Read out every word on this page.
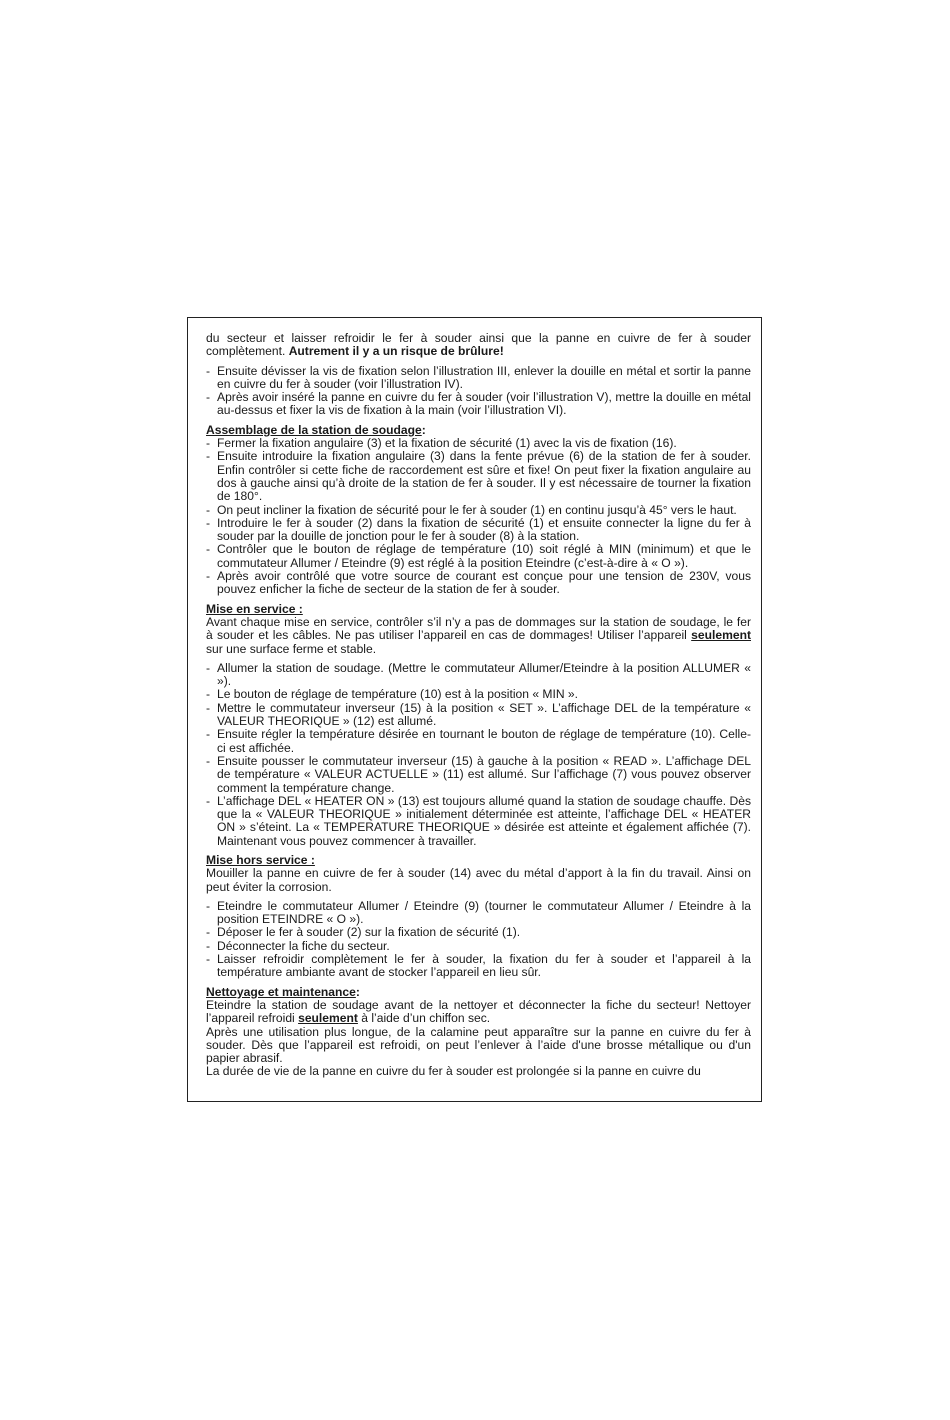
du secteur et laisser refroidir le fer à souder ainsi que la panne en cuivre de fer à souder complètement. Autrement il y a un risque de brûlure!

- Ensuite dévisser la vis de fixation selon l’illustration III, enlever la douille en métal et sortir la panne en cuivre du fer à souder (voir l’illustration IV).
- Après avoir inséré la panne en cuivre du fer à souder (voir l’illustration V), mettre la douille en métal au-dessus et fixer la vis de fixation à la main (voir l’illustration VI).

Assemblage de la station de soudage:

- Fermer la fixation angulaire (3) et la fixation de sécurité (1) avec la vis de fixation (16).
- Ensuite introduire la fixation angulaire (3) dans la fente prévue (6) de la station de fer à souder. Enfin contrôler si cette fiche de raccordement est sûre et fixe! On peut fixer la fixation angulaire au dos à gauche ainsi qu’à droite de la station de fer à souder. Il y est nécessaire de tourner la fixation de 180°.
- On peut incliner la fixation de sécurité pour le fer à souder (1) en continu jusqu’à 45° vers le haut.
- Introduire le fer à souder (2) dans la fixation de sécurité (1) et ensuite connecter la ligne du fer à souder par la douille de jonction pour le fer à souder (8) à la station.
- Contrôler que le bouton de réglage de température (10) soit réglé à MIN (minimum) et que le commutateur Allumer / Eteindre (9) est réglé à la position Eteindre (c’est-à-dire à « O »).
- Après avoir contrôlé que votre source de courant est conçue pour une tension de 230V, vous pouvez enficher la fiche de secteur de la station de fer à souder.

Mise en service :

Avant chaque mise en service, contrôler s’il n’y a pas de dommages sur la station de soudage, le fer à souder et les câbles. Ne pas utiliser l’appareil en cas de dommages! Utiliser l’appareil seulement sur une surface ferme et stable.

- Allumer la station de soudage. (Mettre le commutateur Allumer/Eteindre à la position ALLUMER « »).
- Le bouton de réglage de température (10) est à la position « MIN ».
- Mettre le commutateur inverseur (15) à la position « SET ». L’affichage DEL de la température « VALEUR THEORIQUE » (12) est allumé.
- Ensuite régler la température désirée en tournant le bouton de réglage de température (10). Celle-ci est affichée.
- Ensuite pousser le commutateur inverseur (15) à gauche à la position « READ ». L’affichage DEL de température « VALEUR ACTUELLE » (11) est allumé. Sur l’affichage (7) vous pouvez observer comment la température change.
- L’affichage DEL « HEATER ON » (13) est toujours allumé quand la station de soudage chauffe. Dès que la « VALEUR THEORIQUE » initialement déterminée est atteinte, l’affichage DEL « HEATER ON » s’éteint. La « TEMPERATURE THEORIQUE » désirée est atteinte et également affichée (7). Maintenant vous pouvez commencer à travailler.

Mise hors service :

Mouiller la panne en cuivre de fer à souder (14) avec du métal d’apport à la fin du travail. Ainsi on peut éviter la corrosion.

- Eteindre le commutateur Allumer / Eteindre (9) (tourner le commutateur Allumer / Eteindre à la position ETEINDRE « O »).
- Déposer le fer à souder (2) sur la fixation de sécurité (1).
- Déconnecter la fiche du secteur.
- Laisser refroidir complètement le fer à souder, la fixation du fer à souder et l’appareil à la température ambiante avant de stocker l’appareil en lieu sûr.

Nettoyage et maintenance:

Eteindre la station de soudage avant de la nettoyer et déconnecter la fiche du secteur! Nettoyer l’appareil refroidi seulement à l’aide d’un chiffon sec.

Après une utilisation plus longue, de la calamine peut apparaître sur la panne en cuivre du fer à souder. Dès que l’appareil est refroidi, on peut l’enlever à l’aide d'une brosse métallique ou d'un papier abrasif.

La durée de vie de la panne en cuivre du fer à souder est prolongée si la panne en cuivre du
